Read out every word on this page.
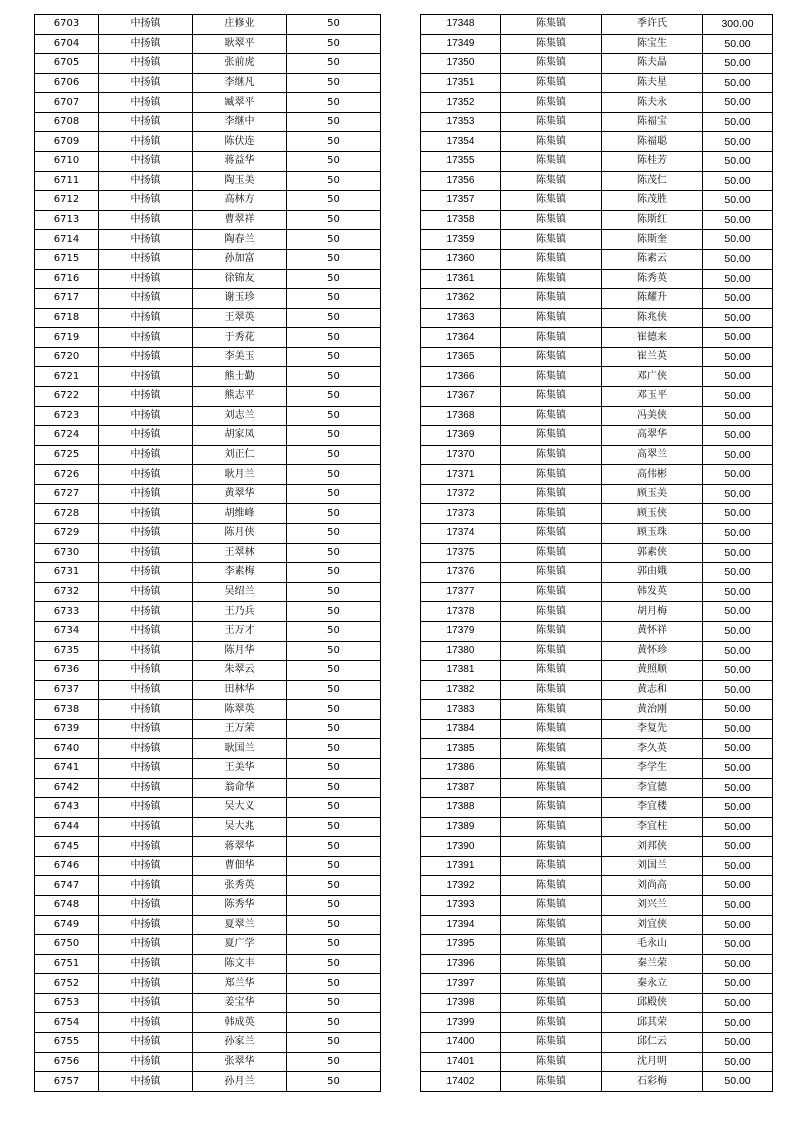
6703	中扬镇	庄修业	50
6704	中扬镇	耿翠平	50
6705	中扬镇	张前虎	50
6706	中扬镇	李继凡	50
6707	中扬镇	臧翠平	50
6708	中扬镇	李继中	50
6709	中扬镇	陈伏连	50
6710	中扬镇	蒋益华	50
6711	中扬镇	陶玉美	50
6712	中扬镇	高林方	50
6713	中扬镇	曹翠祥	50
6714	中扬镇	陶春兰	50
6715	中扬镇	孙加富	50
6716	中扬镇	徐锦友	50
6717	中扬镇	谢玉珍	50
6718	中扬镇	王翠英	50
6719	中扬镇	于秀花	50
6720	中扬镇	李美玉	50
6721	中扬镇	熊士勤	50
6722	中扬镇	熊志平	50
6723	中扬镇	刘志兰	50
6724	中扬镇	胡家凤	50
6725	中扬镇	刘正仁	50
6726	中扬镇	耿月兰	50
6727	中扬镇	黄翠华	50
6728	中扬镇	胡维峰	50
6729	中扬镇	陈月侠	50
6730	中扬镇	王翠林	50
6731	中扬镇	李素梅	50
6732	中扬镇	吴绍兰	50
6733	中扬镇	王乃兵	50
6734	中扬镇	王万才	50
6735	中扬镇	陈月华	50
6736	中扬镇	朱翠云	50
6737	中扬镇	田林华	50
6738	中扬镇	陈翠英	50
6739	中扬镇	王万荣	50
6740	中扬镇	耿国兰	50
6741	中扬镇	王美华	50
6742	中扬镇	翁命华	50
6743	中扬镇	吴大义	50
6744	中扬镇	吴大兆	50
6745	中扬镇	蒋翠华	50
6746	中扬镇	曹佃华	50
6747	中扬镇	张秀英	50
6748	中扬镇	陈秀华	50
6749	中扬镇	夏翠兰	50
6750	中扬镇	夏广学	50
6751	中扬镇	陈文丰	50
6752	中扬镇	郑兰华	50
6753	中扬镇	姜宝华	50
6754	中扬镇	韩成英	50
6755	中扬镇	孙家兰	50
6756	中扬镇	张翠华	50
6757	中扬镇	孙月兰	50
17348	陈集镇	季许氏	300.00
17349	陈集镇	陈宝生	50.00
17350	陈集镇	陈夫晶	50.00
17351	陈集镇	陈夫星	50.00
17352	陈集镇	陈夫永	50.00
17353	陈集镇	陈福宝	50.00
17354	陈集镇	陈福聪	50.00
17355	陈集镇	陈桂芳	50.00
17356	陈集镇	陈茂仁	50.00
17357	陈集镇	陈茂胜	50.00
17358	陈集镇	陈斯红	50.00
17359	陈集镇	陈斯奎	50.00
17360	陈集镇	陈素云	50.00
17361	陈集镇	陈秀英	50.00
17362	陈集镇	陈耀升	50.00
17363	陈集镇	陈兆侠	50.00
17364	陈集镇	崔德来	50.00
17365	陈集镇	崔兰英	50.00
17366	陈集镇	邓广侠	50.00
17367	陈集镇	邓玉平	50.00
17368	陈集镇	冯美侠	50.00
17369	陈集镇	高翠华	50.00
17370	陈集镇	高翠兰	50.00
17371	陈集镇	高伟彬	50.00
17372	陈集镇	顾玉美	50.00
17373	陈集镇	顾玉侠	50.00
17374	陈集镇	顾玉珠	50.00
17375	陈集镇	郭素侠	50.00
17376	陈集镇	郭由娥	50.00
17377	陈集镇	韩发英	50.00
17378	陈集镇	胡月梅	50.00
17379	陈集镇	黄怀祥	50.00
17380	陈集镇	黄怀珍	50.00
17381	陈集镇	黄照顺	50.00
17382	陈集镇	黄志和	50.00
17383	陈集镇	黄治刚	50.00
17384	陈集镇	李复先	50.00
17385	陈集镇	李久英	50.00
17386	陈集镇	李学生	50.00
17387	陈集镇	李宜德	50.00
17388	陈集镇	李宜楼	50.00
17389	陈集镇	李宜柱	50.00
17390	陈集镇	刘邦侠	50.00
17391	陈集镇	刘国兰	50.00
17392	陈集镇	刘尚高	50.00
17393	陈集镇	刘兴兰	50.00
17394	陈集镇	刘宜侠	50.00
17395	陈集镇	毛永山	50.00
17396	陈集镇	秦兰荣	50.00
17397	陈集镇	秦永立	50.00
17398	陈集镇	邱殿侠	50.00
17399	陈集镇	邱其荣	50.00
17400	陈集镇	邱仁云	50.00
17401	陈集镇	沈月明	50.00
17402	陈集镇	石彩梅	50.00
